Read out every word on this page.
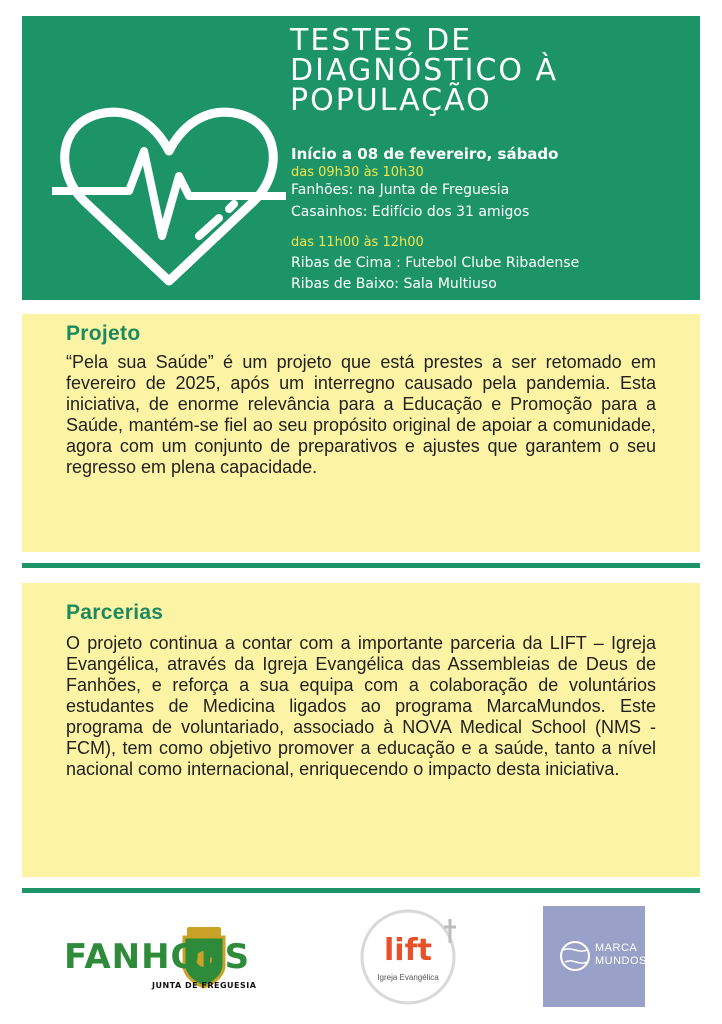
TESTES DE
DIAGNÓSTICO À
POPULAÇÃO
Início a 08 de fevereiro, sábado
das 09h30 às 10h30
Fanhões: na Junta de Freguesia
Casainhos: Edifício dos 31 amigos
das 11h00 às 12h00
Ribas de Cima : Futebol Clube Ribadense
Ribas de Baixo: Sala Multiuso
Projeto

“Pela sua Saúde” é um projeto que está prestes a ser retomado em fevereiro de 2025, após um interregno causado pela pandemia. Esta iniciativa, de enorme relevância para a Educação e Promoção para a Saúde, mantém-se fiel ao seu propósito original de apoiar a comunidade, agora com um conjunto de preparativos e ajustes que garantem o seu regresso em plena capacidade.

Parcerias

O projeto continua a contar com a importante parceria da LIFT – Igreja Evangélica, através da Igreja Evangélica das Assembleias de Deus de Fanhões, e reforça a sua equipa com a colaboração de voluntários estudantes de Medicina ligados ao programa MarcaMundos. Este programa de voluntariado, associado à NOVA Medical School (NMS - FCM), tem como objetivo promover a educação e a saúde, tanto a nível nacional como internacional, enriquecendo o impacto desta iniciativa.

FANHOES
JUNTA DE FREGUESIA
lift
Igreja Evangélica
MARCA MUNDOS
